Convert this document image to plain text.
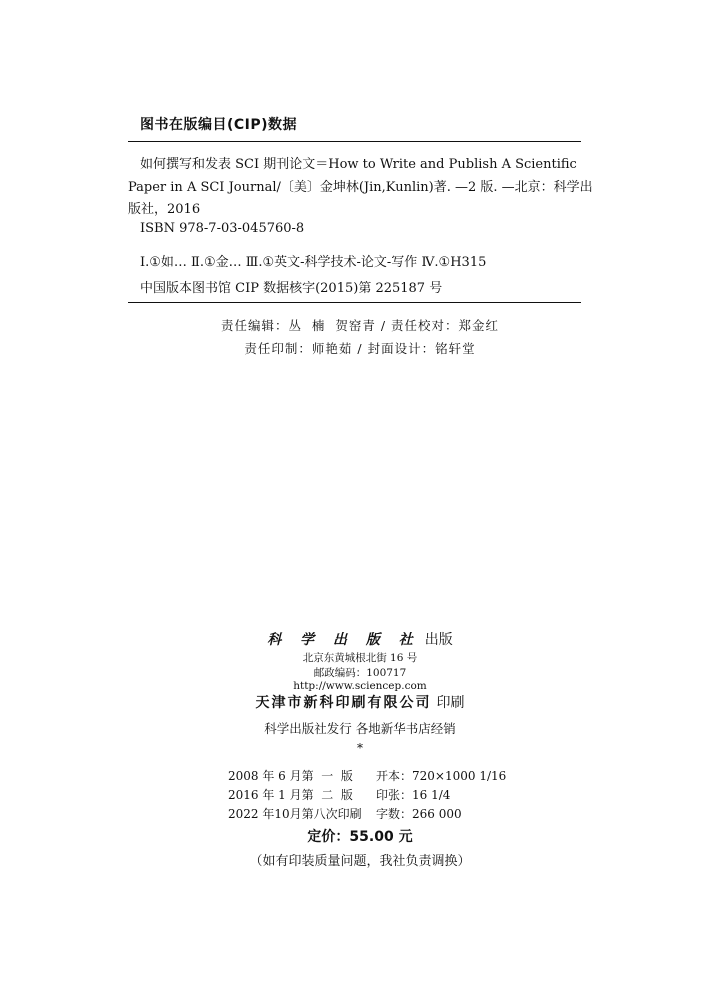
图书在版编目(CIP)数据
如何撰写和发表 SCI 期刊论文＝How to Write and Publish A Scientific
Paper in A SCI Journal/〔美〕金坤林(Jin,Kunlin)著. —2 版. —北京：科学出
版社，2016
ISBN 978-7-03-045760-8
Ⅰ.①如… Ⅱ.①金… Ⅲ.①英文-科学技术-论文-写作 Ⅳ.①H315
中国版本图书馆 CIP 数据核字(2015)第 225187 号
责任编辑：丛  楠  贺窑青 / 责任校对：郑金红
责任印制：师艳茹 / 封面设计：铭轩堂
科 学 出 版 社 出版
北京东黄城根北街 16 号
邮政编码：100717
http://www.sciencep.com
天津市新科印刷有限公司 印刷
科学出版社发行 各地新华书店经销
*
2008 年 6 月第  一  版 开本：720×1000 1/16
2016 年 1 月第  二  版 印张：16 1/4
2022 年10月第八次印刷 字数：266 000
定价：55.00 元
（如有印装质量问题，我社负责调换）
